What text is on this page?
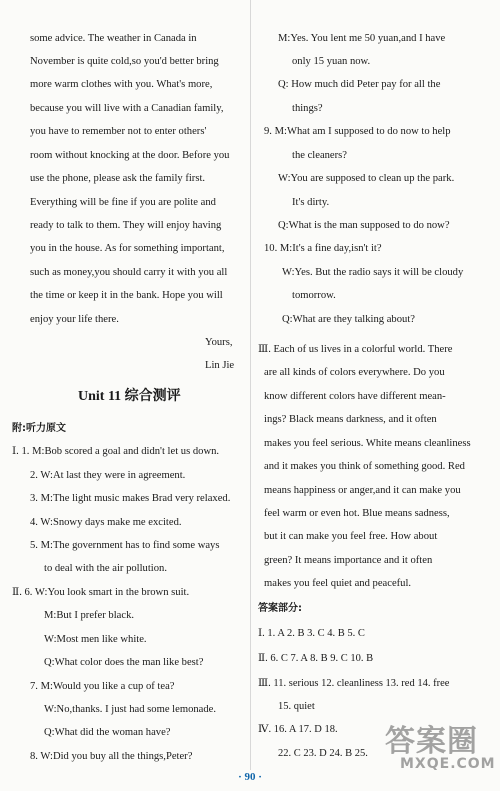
some advice. The weather in Canada in
November is quite cold,so you'd better bring
more warm clothes with you. What's more,
because you will live with a Canadian family,
you have to remember not to enter others'
room without knocking at the door. Before you
use the phone, please ask the family first.
Everything will be fine if you are polite and
ready to talk to them. They will enjoy having
you in the house. As for something important,
such as money,you should carry it with you all
the time or keep it in the bank. Hope you will
enjoy your life there.
Yours,
Lin Jie
Unit 11 综合测评
附:听力原文
Ⅰ. 1. M:Bob scored a goal and didn't let us down.
2. W:At last they were in agreement.
3. M:The light music makes Brad very relaxed.
4. W:Snowy days make me excited.
5. M:The government has to find some ways
to deal with the air pollution.
Ⅱ. 6. W:You look smart in the brown suit.
M:But I prefer black.
W:Most men like white.
Q:What color does the man like best?
7. M:Would you like a cup of tea?
W:No,thanks. I just had some lemonade.
Q:What did the woman have?
8. W:Did you buy all the things,Peter?
M:Yes. You lent me 50 yuan,and I have
only 15 yuan now.
Q: How much did Peter pay for all the
things?
9. M:What am I supposed to do now to help
the cleaners?
W:You are supposed to clean up the park.
It's dirty.
Q:What is the man supposed to do now?
10. M:It's a fine day,isn't it?
W:Yes. But the radio says it will be cloudy
tomorrow.
Q:What are they talking about?
Ⅲ. Each of us lives in a colorful world. There
are all kinds of colors everywhere. Do you
know different colors have different mean-
ings? Black means darkness, and it often
makes you feel serious. White means cleanliness
and it makes you think of something good. Red
means happiness or anger,and it can make you
feel warm or even hot. Blue means sadness,
but it can make you feel free. How about
green? It means importance and it often
makes you feel quiet and peaceful.
答案部分:
Ⅰ. 1. A 2. B 3. C 4. B 5. C
Ⅱ. 6. C 7. A 8. B 9. C 10. B
Ⅲ. 11. serious 12. cleanliness 13. red 14. free
15. quiet
Ⅳ. 16. A 17. D 18.
22. C 23. D 24. B 25. 答案圈
MXQE.COM
· 90 ·
